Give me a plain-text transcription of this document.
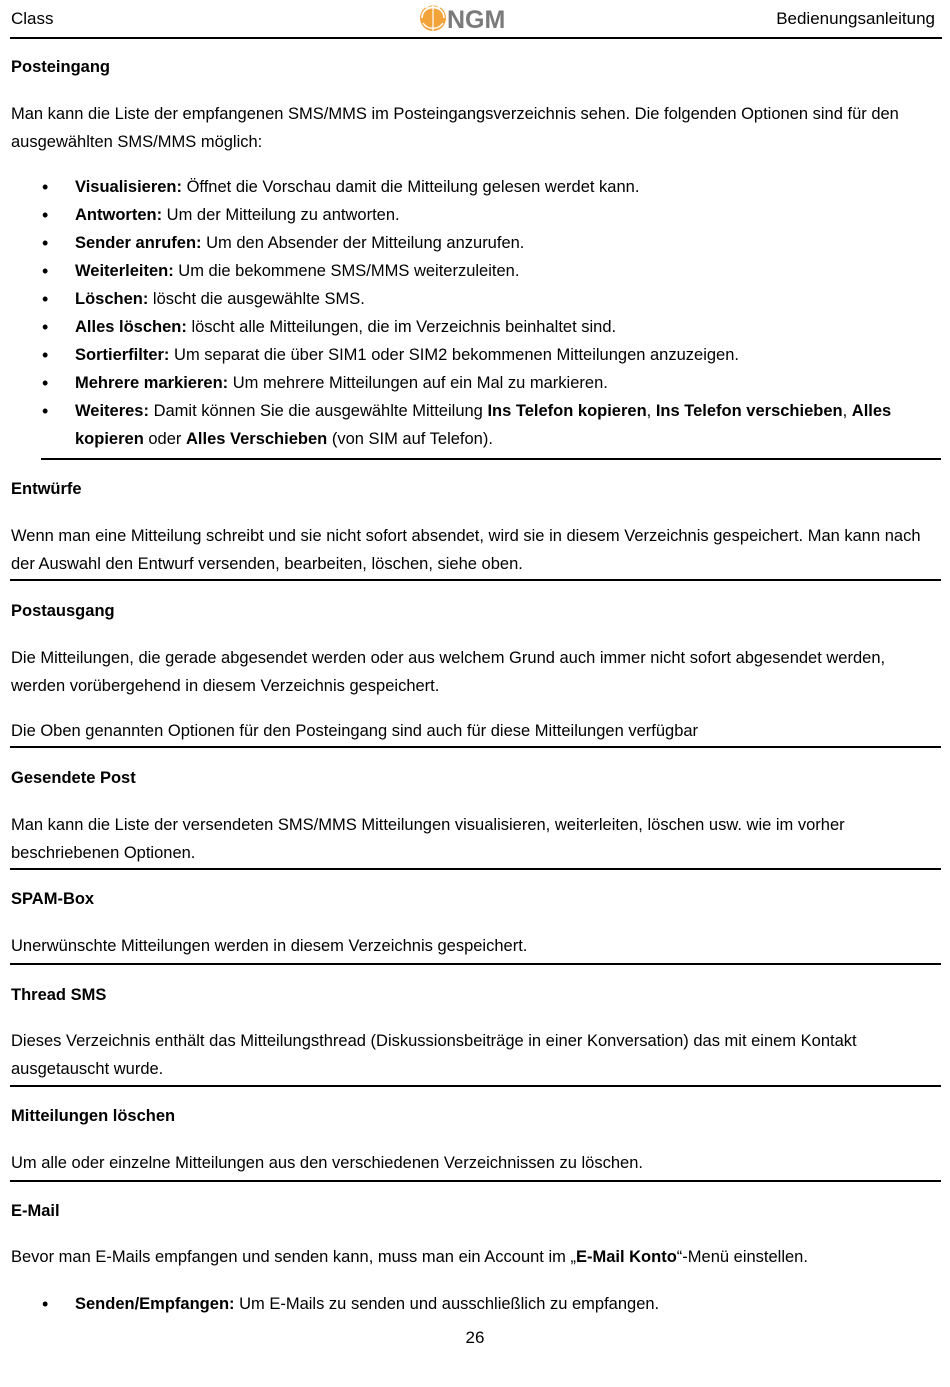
Class	NGM	Bedienungsanleitung
Posteingang
Man kann die Liste der empfangenen SMS/MMS im Posteingangsverzeichnis sehen. Die folgenden Optionen sind für den ausgewählten SMS/MMS möglich:
• Visualisieren: Öffnet die Vorschau damit die Mitteilung gelesen werdet kann.
• Antworten: Um der Mitteilung zu antworten.
• Sender anrufen: Um den Absender der Mitteilung anzurufen.
• Weiterleiten: Um die bekommene SMS/MMS weiterzuleiten.
• Löschen: löscht die ausgewählte SMS.
• Alles löschen: löscht alle Mitteilungen, die im Verzeichnis beinhaltet sind.
• Sortierfilter: Um separat die über SIM1 oder SIM2 bekommenen Mitteilungen anzuzeigen.
• Mehrere markieren: Um mehrere Mitteilungen auf ein Mal zu markieren.
• Weiteres: Damit können Sie die ausgewählte Mitteilung Ins Telefon kopieren, Ins Telefon verschieben, Alles kopieren oder Alles Verschieben (von SIM auf Telefon).
Entwürfe
Wenn man eine Mitteilung schreibt und sie nicht sofort absendet, wird sie in diesem Verzeichnis gespeichert. Man kann nach der Auswahl den Entwurf versenden, bearbeiten, löschen, siehe oben.
Postausgang
Die Mitteilungen, die gerade abgesendet werden oder aus welchem Grund auch immer nicht sofort abgesendet werden, werden vorübergehend in diesem Verzeichnis gespeichert.
Die Oben genannten Optionen für den Posteingang sind auch für diese Mitteilungen verfügbar
Gesendete Post
Man kann die Liste der versendeten SMS/MMS Mitteilungen visualisieren, weiterleiten, löschen usw. wie im vorher beschriebenen Optionen.
SPAM-Box
Unerwünschte Mitteilungen werden in diesem Verzeichnis gespeichert.
Thread SMS
Dieses Verzeichnis enthält das Mitteilungsthread (Diskussionsbeiträge in einer Konversation) das mit einem Kontakt ausgetauscht wurde.
Mitteilungen löschen
Um alle oder einzelne Mitteilungen aus den verschiedenen Verzeichnissen zu löschen.
E-Mail
Bevor man E-Mails empfangen und senden kann, muss man ein Account im „E-Mail Konto“-Menü einstellen.
• Senden/Empfangen: Um E-Mails zu senden und ausschließlich zu empfangen.
26
